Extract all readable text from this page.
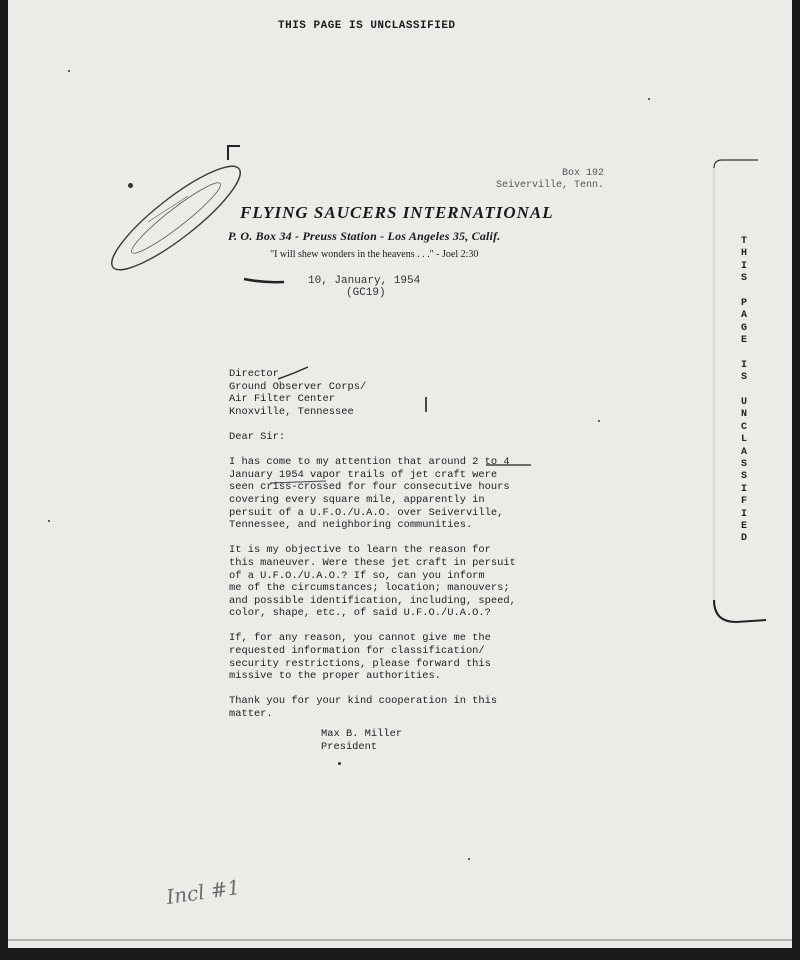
THIS PAGE IS UNCLASSIFIED
Box 192
Seiverville, Tenn.
FLYING SAUCERS INTERNATIONAL
P. O. Box 34 - Preuss Station - Los Angeles 35, Calif.
"I will shew wonders in the heavens . . ." - Joel 2:30
10, January, 1954
(GC19)
Director
Ground Observer Corps/
Air Filter Center
Knoxville, Tennessee

Dear Sir:

I has come to my attention that around 2 to 4
January 1954 vapor trails of jet craft were
seen criss-crossed for four consecutive hours
covering every square mile, apparently in
persuit of a U.F.O./U.A.O. over Seiverville,
Tennessee, and neighboring communities.

It is my objective to learn the reason for
this maneuver. Were these jet craft in persuit
of a U.F.O./U.A.O.? If so, can you inform
me of the circumstances; location; manouvers;
and possible identification, including, speed,
color, shape, etc., of said U.F.O./U.A.O.?

If, for any reason, you cannot give me the
requested information for classification/
security restrictions, please forward this
missive to the proper authorities.

Thank you for your kind cooperation in this
matter.

Max B. Miller
President
T
H
I
S
P
A
G
E
I
S
U
N
C
L
A
S
S
I
F
I
E
D
Incl #1
